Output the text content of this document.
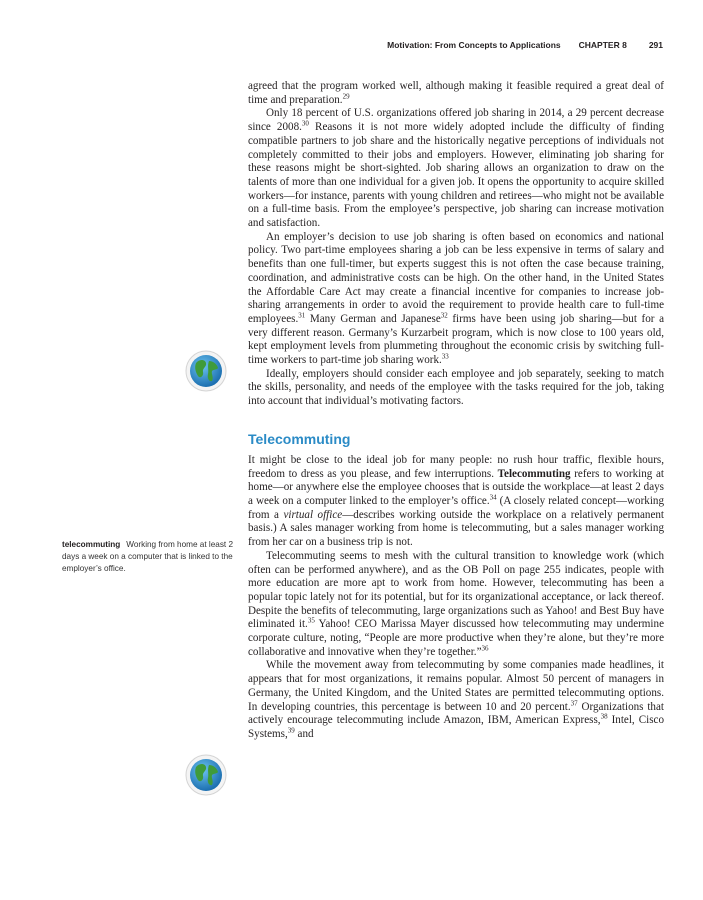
Motivation: From Concepts to Applications CHAPTER 8	291
telecommuting Working from home at least 2 days a week on a computer that is linked to the employer’s office.

agreed that the program worked well, although making it feasible required a great deal of time and preparation.$^{29}$

Only 18 percent of U.S. organizations offered job sharing in 2014, a 29 percent decrease since 2008.30 Reasons it is not more widely adopted include the difficulty of finding compatible partners to job share and the historically negative perceptions of individuals not completely committed to their jobs and employers. However, eliminating job sharing for these reasons might be short-sighted. Job sharing allows an organization to draw on the talents of more than one individual for a given job. It opens the opportunity to acquire skilled workers—for instance, parents with young children and retirees—who might not be available on a full-time basis. From the employee’s perspective, job sharing can increase motivation and satisfaction.

An employer’s decision to use job sharing is often based on economics and national policy. Two part-time employees sharing a job can be less expensive in terms of salary and benefits than one full-timer, but experts suggest this is not often the case because training, coordination, and administrative costs can be high. On the other hand, in the United States the Affordable Care Act may create a financial incentive for companies to increase job-sharing arrangements in order to avoid the requirement to provide health care to full-time employees.$^{31}$ Many German and Japanese$^{32}$ firms have been using job sharing—but for a very different reason. Germany’s Kurzarbeit program, which is now close to 100 years old, kept employment levels from plummeting throughout the economic crisis by switching full-time workers to part-time job sharing work.$^{33}$

Ideally, employers should consider each employee and job separately, seeking to match the skills, personality, and needs of the employee with the tasks required for the job, taking into account that individual’s motivating factors.

Telecommuting

It might be close to the ideal job for many people: no rush hour traffic, flexible hours, freedom to dress as you please, and few interruptions. Telecommuting refers to working at home—or anywhere else the employee chooses that is outside the workplace—at least 2 days a week on a computer linked to the employer’s office.$^{34}$ (A closely related concept—working from a virtual office—describes working outside the workplace on a relatively permanent basis.) A sales manager working from home is telecommuting, but a sales manager working from her car on a business trip is not.

Telecommuting seems to mesh with the cultural transition to knowledge work (which often can be performed anywhere), and as the OB Poll on page 255 indicates, people with more education are more apt to work from home. However, telecommuting has been a popular topic lately not for its potential, but for its organizational acceptance, or lack thereof. Despite the benefits of telecommuting, large organizations such as Yahoo! and Best Buy have eliminated it.$^{35}$ Yahoo! CEO Marissa Mayer discussed how telecommuting may undermine corporate culture, noting, “People are more productive when they’re alone, but they’re more collaborative and innovative when they’re together.”$^{36}$

While the movement away from telecommuting by some companies made headlines, it appears that for most organizations, it remains popular. Almost 50 percent of managers in Germany, the United Kingdom, and the United States are permitted telecommuting options. In developing countries, this percentage is between 10 and 20 percent.$^{37}$ Organizations that actively encourage telecommuting include Amazon, IBM, American Express,$^{38}$ Intel, Cisco Systems,$^{39}$ and
